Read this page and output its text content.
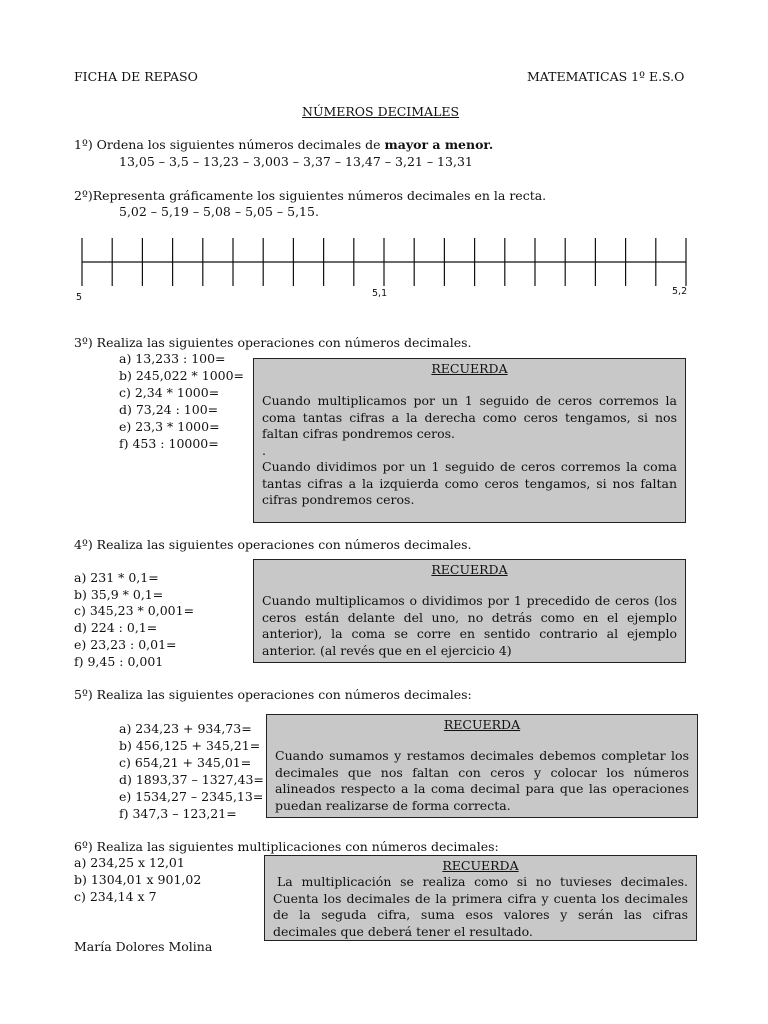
FICHA DE REPASO	MATEMATICAS 1º E.S.O
NÚMEROS DECIMALES
1º) Ordena los siguientes números decimales de mayor a menor.
13,05 – 3,5 – 13,23 – 3,003 – 3,37 – 13,47 – 3,21 – 13,31
2º)Representa gráficamente los siguientes números decimales en la recta.
5,02 – 5,19 – 5,08 – 5,05 – 5,15.
5	5,1	5,2
3º) Realiza las siguientes operaciones con números decimales.
a) 13,233 : 100=
b) 245,022 * 1000=
c) 2,34 * 1000=
d) 73,24 : 100=
e) 23,3 * 1000=
f) 453 : 10000=
RECUERDA

Cuando multiplicamos por un 1 seguido de ceros corremos la coma tantas cifras a la derecha como ceros tengamos, si nos faltan cifras pondremos ceros.

.

Cuando dividimos por un 1 seguido de ceros corremos la coma tantas cifras a la izquierda como ceros tengamos, si nos faltan cifras pondremos ceros.

4º) Realiza las siguientes operaciones con números decimales.
a) 231 * 0,1=
b) 35,9 * 0,1=
c) 345,23 * 0,001=
d) 224 : 0,1=
e) 23,23 : 0,01=
f) 9,45 : 0,001
RECUERDA
Cuando multiplicamos o dividimos por 1 precedido de ceros (los ceros están delante del uno, no detrás como en el ejemplo anterior), la coma se corre en sentido contrario al ejemplo anterior. (al revés que en el ejercicio 4)
5º) Realiza las siguientes operaciones con números decimales:
a) 234,23 + 934,73=
b) 456,125 + 345,21=
c) 654,21 + 345,01=
d) 1893,37 – 1327,43=
e) 1534,27 – 2345,13=
f) 347,3 – 123,21=
RECUERDA
Cuando sumamos y restamos decimales debemos completar los decimales que nos faltan con ceros y colocar los números alineados respecto a la coma decimal para que las operaciones puedan realizarse de forma correcta.
6º) Realiza las siguientes multiplicaciones con números decimales:
a) 234,25 x 12,01
b) 1304,01 x 901,02
c) 234,14 x 7
RECUERDA
La multiplicación se realiza como si no tuvieses decimales. Cuenta los decimales de la primera cifra y cuenta los decimales de la seguda cifra, suma esos valores y serán las cifras decimales que deberá tener el resultado.
María Dolores Molina
